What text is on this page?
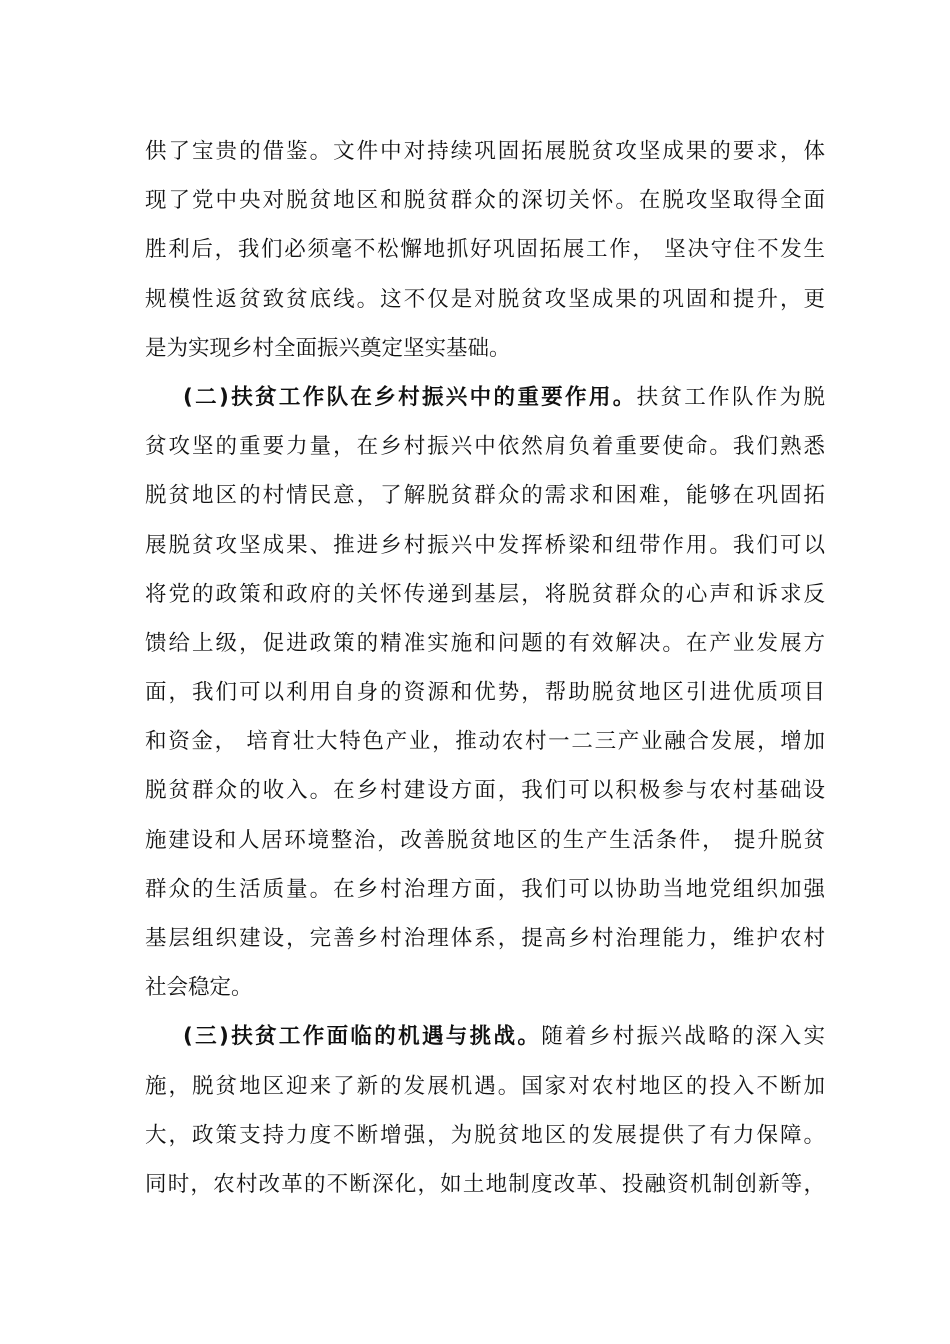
供了宝贵的借鉴。文件中对持续巩固拓展脱贫攻坚成果的要求，体
现了党中央对脱贫地区和脱贫群众的深切关怀。在脱攻坚取得全面
胜利后，我们必须毫不松懈地抓好巩固拓展工作， 坚决守住不发生
规模性返贫致贫底线。这不仅是对脱贫攻坚成果的巩固和提升，更
是为实现乡村全面振兴奠定坚实基础。
(二)扶贫工作队在乡村振兴中的重要作用。扶贫工作队作为脱
贫攻坚的重要力量，在乡村振兴中依然肩负着重要使命。我们熟悉
脱贫地区的村情民意，了解脱贫群众的需求和困难，能够在巩固拓
展脱贫攻坚成果、推进乡村振兴中发挥桥梁和纽带作用。我们可以
将党的政策和政府的关怀传递到基层，将脱贫群众的心声和诉求反
馈给上级，促进政策的精准实施和问题的有效解决。在产业发展方
面，我们可以利用自身的资源和优势，帮助脱贫地区引进优质项目
和资金， 培育壮大特色产业，推动农村一二三产业融合发展，增加
脱贫群众的收入。在乡村建设方面，我们可以积极参与农村基础设
施建设和人居环境整治，改善脱贫地区的生产生活条件， 提升脱贫
群众的生活质量。在乡村治理方面，我们可以协助当地党组织加强
基层组织建设，完善乡村治理体系，提高乡村治理能力，维护农村
社会稳定。
(三)扶贫工作面临的机遇与挑战。随着乡村振兴战略的深入实
施，脱贫地区迎来了新的发展机遇。国家对农村地区的投入不断加
大，政策支持力度不断增强，为脱贫地区的发展提供了有力保障。
同时，农村改革的不断深化，如土地制度改革、投融资机制创新等，
